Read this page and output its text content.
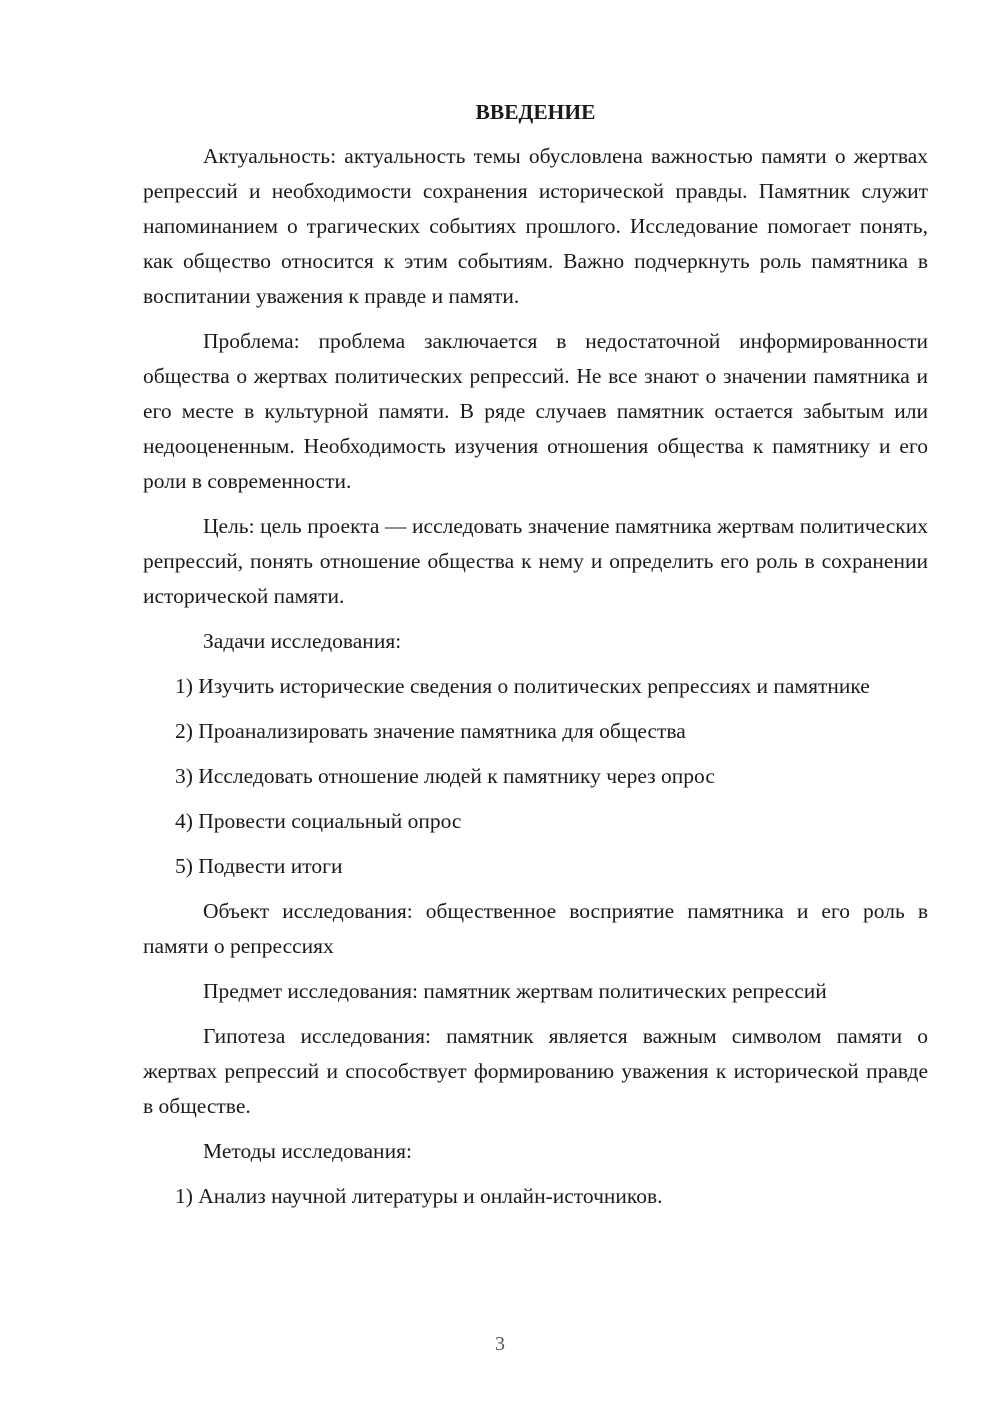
ВВЕДЕНИЕ

Актуальность: актуальность темы обусловлена важностью памяти о жертвах репрессий и необходимости сохранения исторической правды. Памятник служит напоминанием о трагических событиях прошлого. Исследование помогает понять, как общество относится к этим событиям. Важно подчеркнуть роль памятника в воспитании уважения к правде и памяти.

Проблема: проблема заключается в недостаточной информированности общества о жертвах политических репрессий. Не все знают о значении памятника и его месте в культурной памяти. В ряде случаев памятник остается забытым или недооцененным. Необходимость изучения отношения общества к памятнику и его роли в современности.

Цель: цель проекта — исследовать значение памятника жертвам политических репрессий, понять отношение общества к нему и определить его роль в сохранении исторической памяти.

Задачи исследования:

1) Изучить исторические сведения о политических репрессиях и памятнике

2) Проанализировать значение памятника для общества

3) Исследовать отношение людей к памятнику через опрос

4) Провести социальный опрос

5) Подвести итоги

Объект исследования: общественное восприятие памятника и его роль в памяти о репрессиях

Предмет исследования: памятник жертвам политических репрессий

Гипотеза исследования: памятник является важным символом памяти о жертвах репрессий и способствует формированию уважения к исторической правде в обществе.

Методы исследования:

1) Анализ научной литературы и онлайн-источников.

3
